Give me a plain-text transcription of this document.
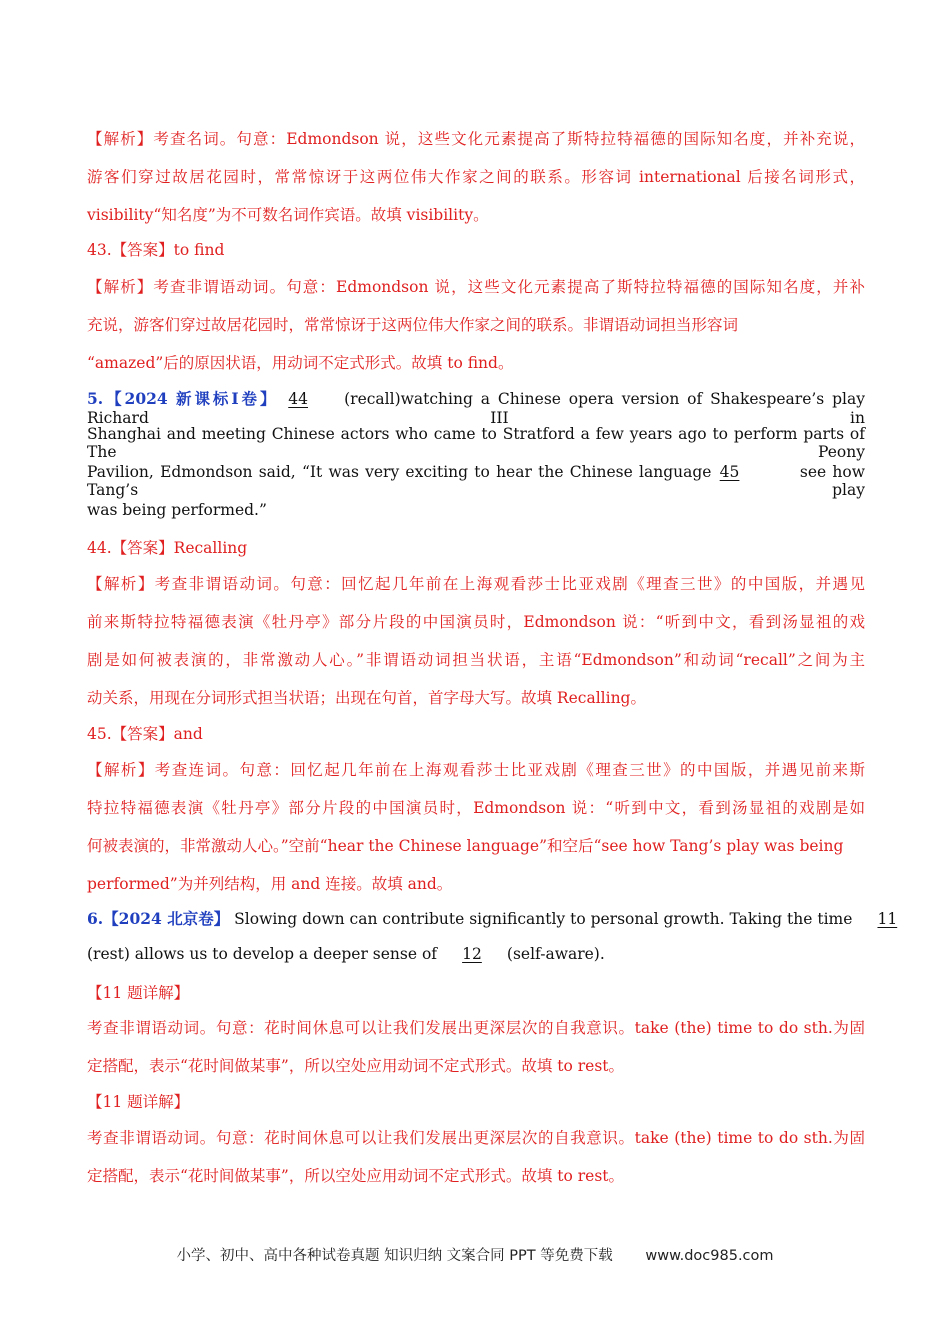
【解析】考查名词。句意：Edmondson 说，这些文化元素提高了斯特拉特福德的国际知名度，并补充说，
游客们穿过故居花园时，常常惊讶于这两位伟大作家之间的联系。形容词 international 后接名词形式，
visibility“知名度”为不可数名词作宾语。故填 visibility。
43.【答案】to find
【解析】考查非谓语动词。句意：Edmondson 说，这些文化元素提高了斯特拉特福德的国际知名度，并补
充说，游客们穿过故居花园时，常常惊讶于这两位伟大作家之间的联系。非谓语动词担当形容词
“amazed”后的原因状语，用动词不定式形式。故填 to find。
5.【2024 新课标Ⅰ卷】 44 (recall)watching a Chinese opera version of Shakespeare’s play Richard III in
Shanghai and meeting Chinese actors who came to Stratford a few years ago to perform parts of The Peony
Pavilion, Edmondson said, “It was very exciting to hear the Chinese language 45	see how Tang’s play
was being performed.”
44.【答案】Recalling
【解析】考查非谓语动词。句意：回忆起几年前在上海观看莎士比亚戏剧《理查三世》的中国版，并遇见
前来斯特拉特福德表演《牡丹亭》部分片段的中国演员时，Edmondson 说：“听到中文，看到汤显祖的戏
剧是如何被表演的，非常激动人心。”非谓语动词担当状语，主语“Edmondson”和动词“recall”之间为主
动关系，用现在分词形式担当状语；出现在句首，首字母大写。故填 Recalling。
45.【答案】and
【解析】考查连词。句意：回忆起几年前在上海观看莎士比亚戏剧《理查三世》的中国版，并遇见前来斯
特拉特福德表演《牡丹亭》部分片段的中国演员时，Edmondson 说：“听到中文，看到汤显祖的戏剧是如
何被表演的，非常激动人心。”空前“hear the Chinese language”和空后“see how Tang’s play was being
performed”为并列结构，用 and 连接。故填 and。
6.【2024 北京卷】 Slowing down can contribute significantly to personal growth. Taking the time 11
(rest) allows us to develop a deeper sense of 12 (self-aware).
【11 题详解】
考查非谓语动词。句意：花时间休息可以让我们发展出更深层次的自我意识。take (the) time to do sth.为固
定搭配，表示“花时间做某事”，所以空处应用动词不定式形式。故填 to rest。
【11 题详解】
考查非谓语动词。句意：花时间休息可以让我们发展出更深层次的自我意识。take (the) time to do sth.为固
定搭配，表示“花时间做某事”，所以空处应用动词不定式形式。故填 to rest。
小学、初中、高中各种试卷真题 知识归纳 文案合同 PPT 等免费下载 www.doc985.com
